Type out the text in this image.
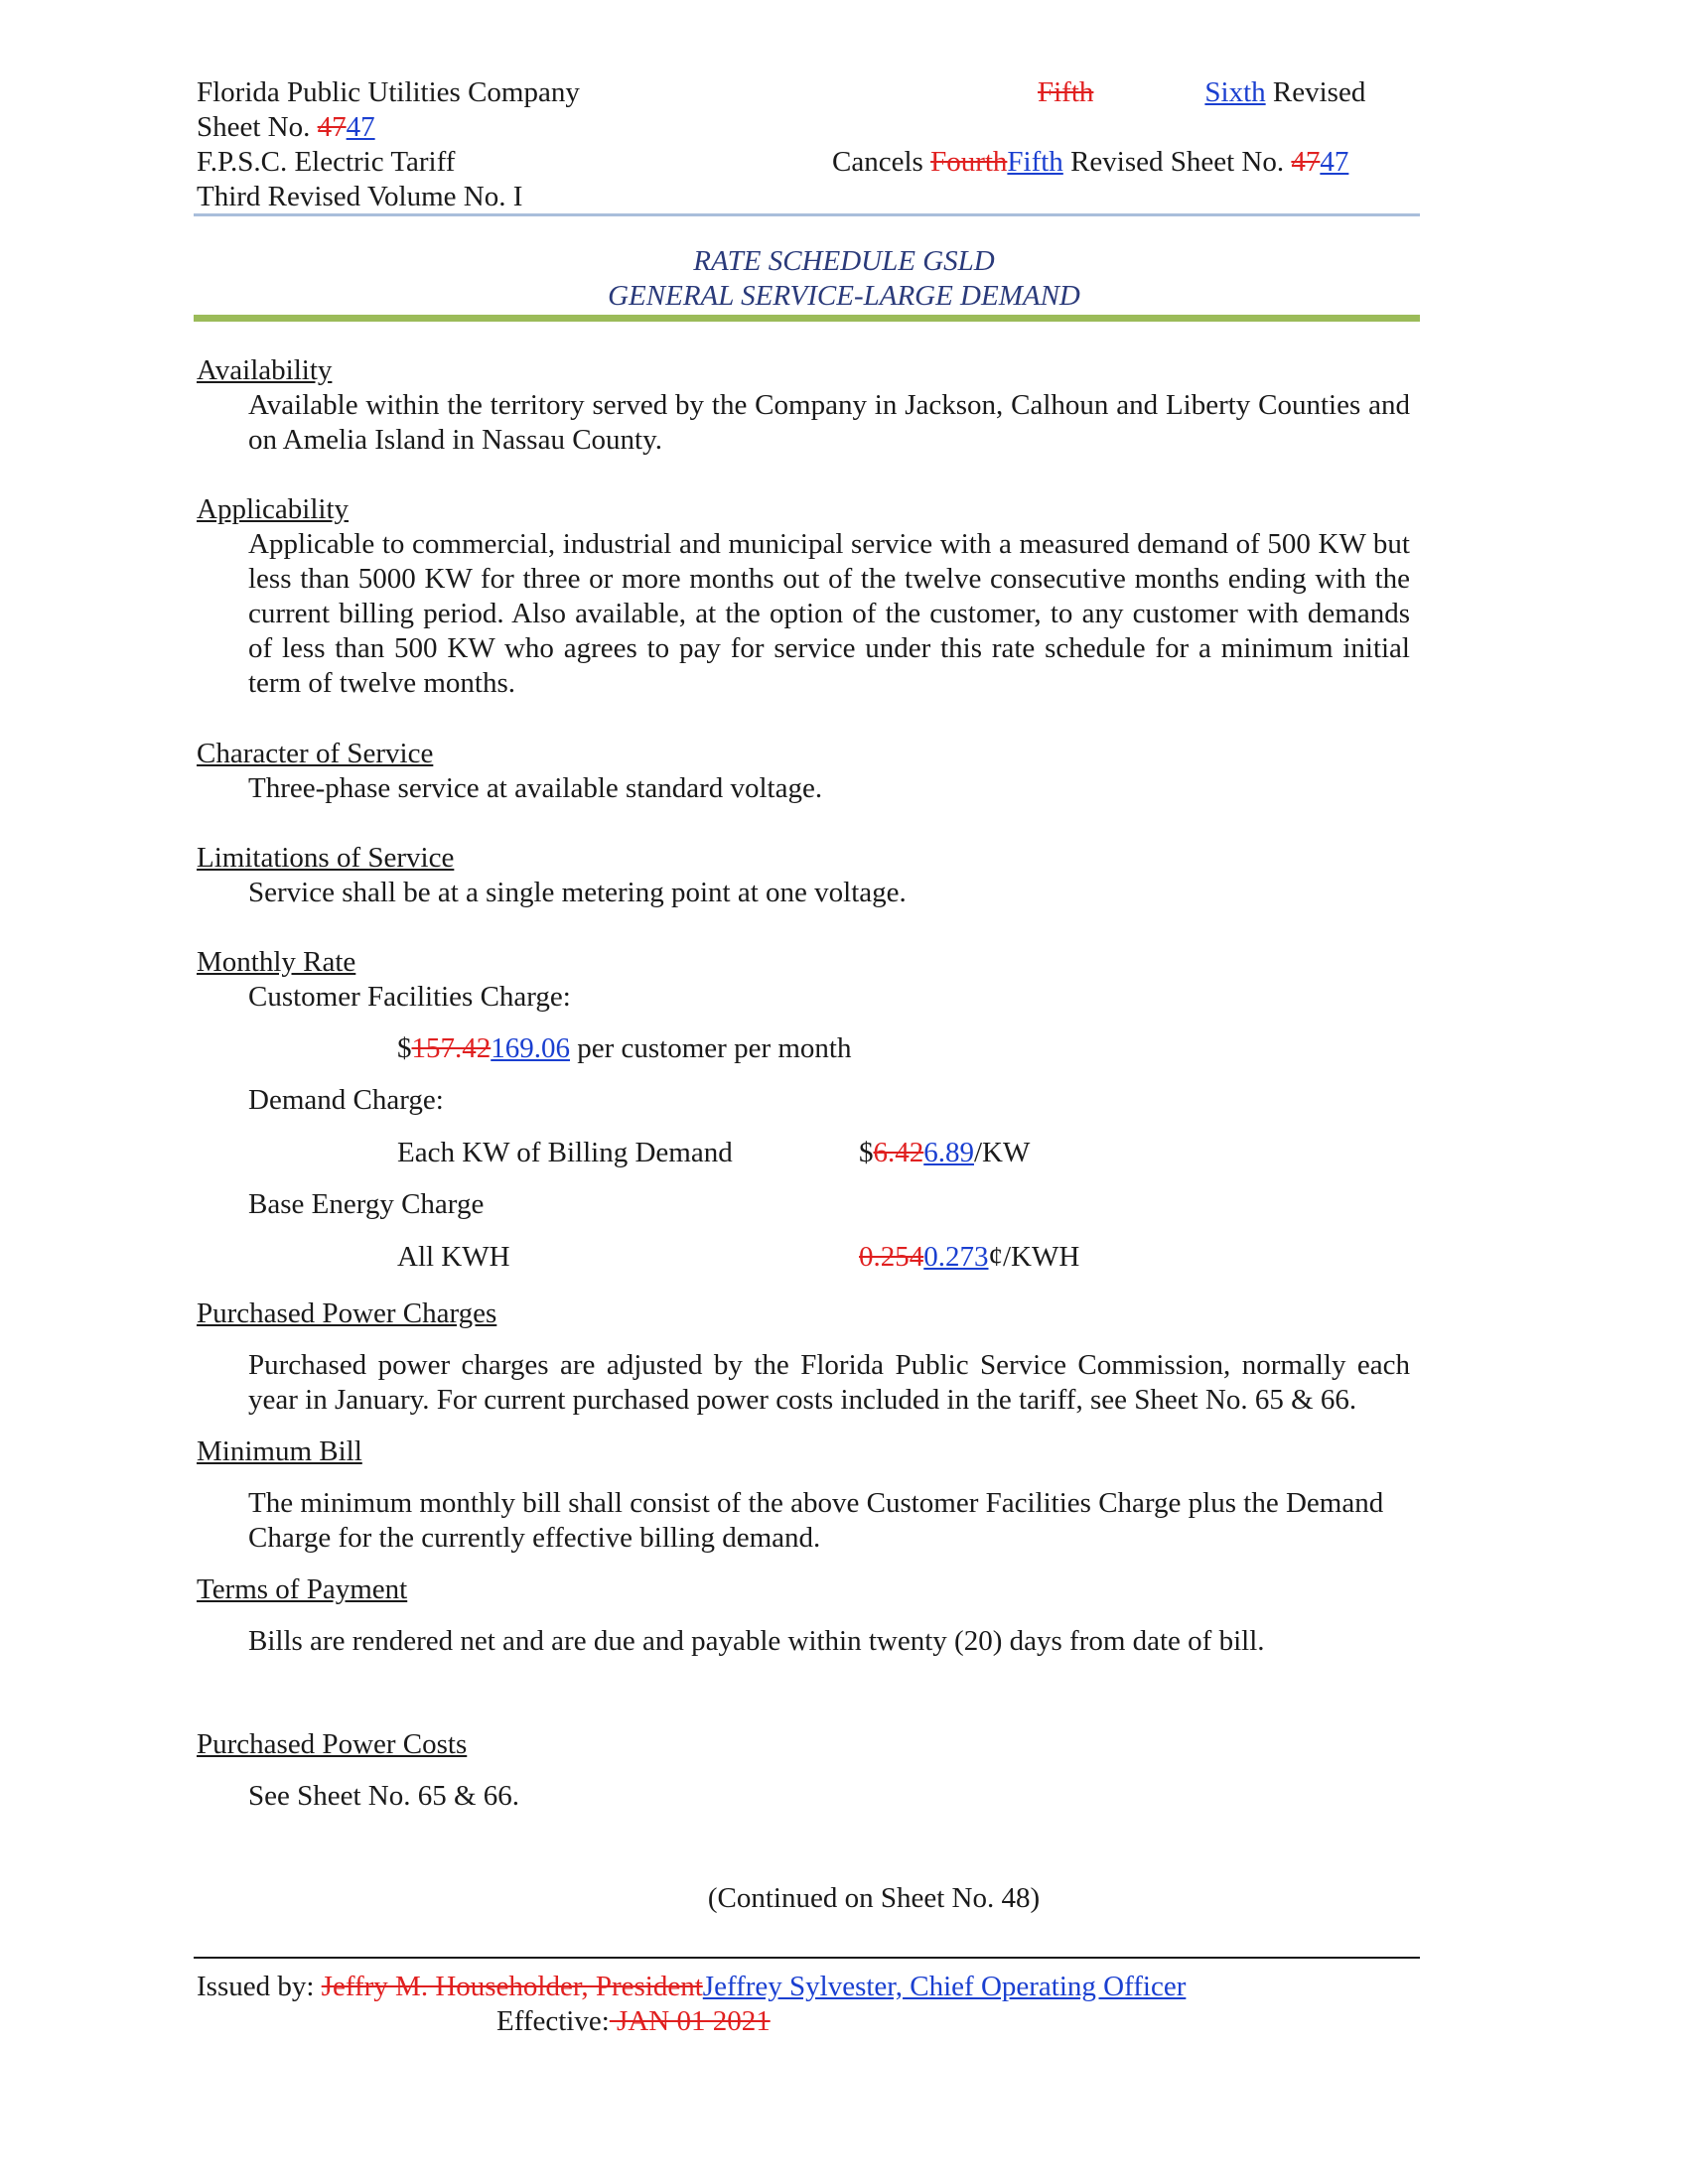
Florida Public Utilities Company
Sheet No. 4747
F.P.S.C. Electric Tariff
Third Revised Volume No. I
Fifth	Sixth Revised
Cancels FourthFifth Revised Sheet No. 4747
RATE SCHEDULE GSLD
GENERAL SERVICE-LARGE DEMAND
Availability
Available within the territory served by the Company in Jackson, Calhoun and Liberty Counties and on Amelia Island in Nassau County.
Applicability
Applicable to commercial, industrial and municipal service with a measured demand of 500 KW but less than 5000 KW for three or more months out of the twelve consecutive months ending with the current billing period. Also available, at the option of the customer, to any customer with demands of less than 500 KW who agrees to pay for service under this rate schedule for a minimum initial term of twelve months.
Character of Service
Three-phase service at available standard voltage.
Limitations of Service
Service shall be at a single metering point at one voltage.
Monthly Rate
Customer Facilities Charge:
$157.42169.06 per customer per month
Demand Charge:
Each KW of Billing Demand	$6.426.89/KW
Base Energy Charge
All KWH	0.2540.273¢/KWH
Purchased Power Charges
Purchased power charges are adjusted by the Florida Public Service Commission, normally each year in January. For current purchased power costs included in the tariff, see Sheet No. 65 & 66.
Minimum Bill
The minimum monthly bill shall consist of the above Customer Facilities Charge plus the Demand Charge for the currently effective billing demand.
Terms of Payment
Bills are rendered net and are due and payable within twenty (20) days from date of bill.
Purchased Power Costs
See Sheet No. 65 & 66.
(Continued on Sheet No. 48)
Issued by: Jeffry M. Householder, PresidentJeffrey Sylvester, Chief Operating Officer
Effective: JAN 01 2021
